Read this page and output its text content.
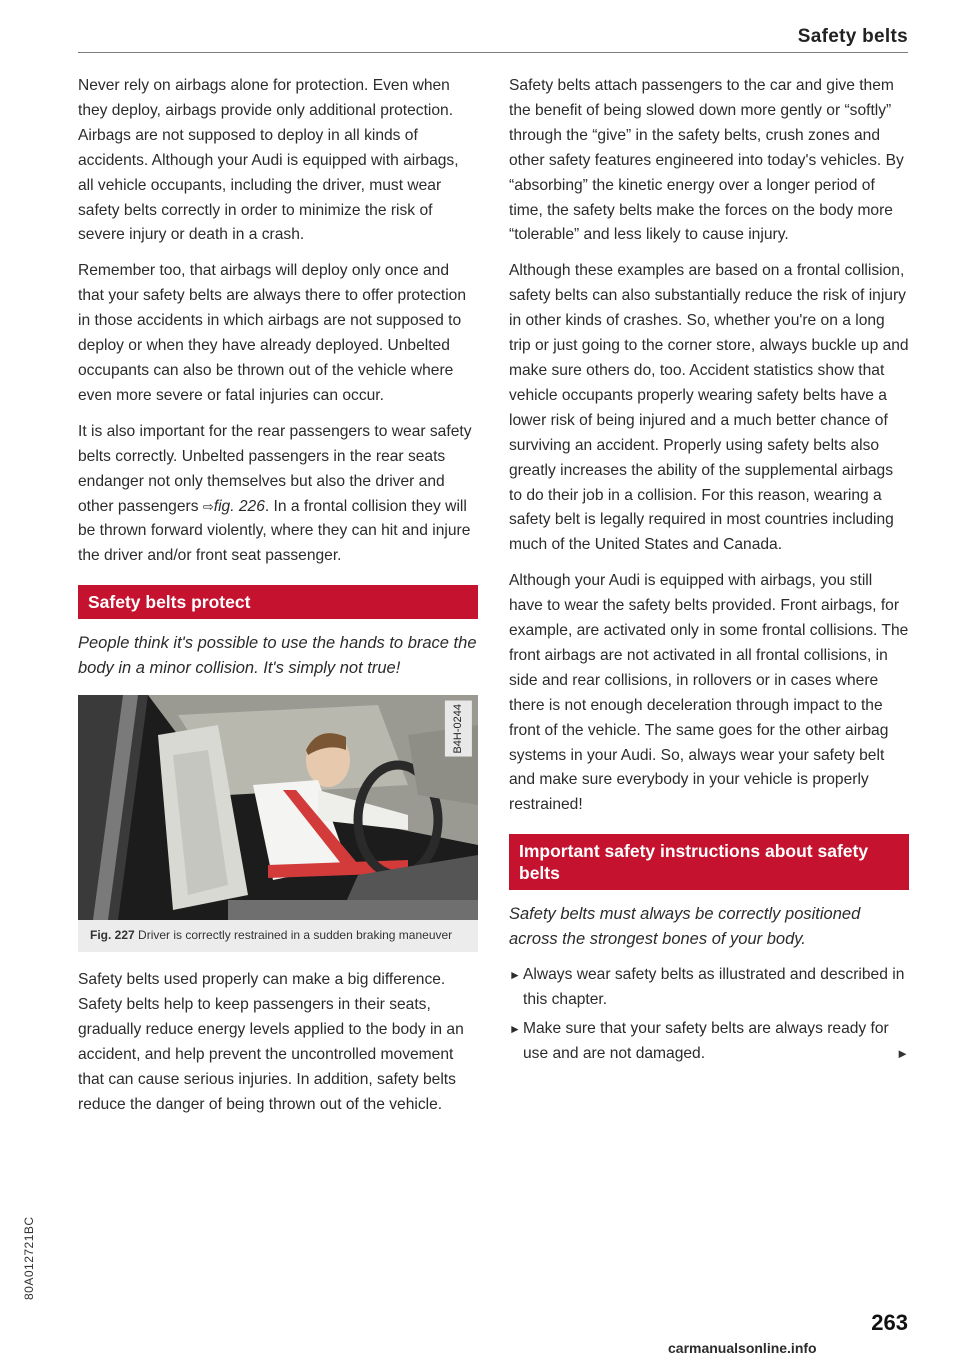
Safety belts

Never rely on airbags alone for protection. Even when they deploy, airbags provide only additional protection. Airbags are not supposed to deploy in all kinds of accidents. Although your Audi is equipped with airbags, all vehicle occupants, including the driver, must wear safety belts correctly in order to minimize the risk of severe injury or death in a crash.

Remember too, that airbags will deploy only once and that your safety belts are always there to offer protection in those accidents in which airbags are not supposed to deploy or when they have already deployed. Unbelted occupants can also be thrown out of the vehicle where even more severe or fatal injuries can occur.

It is also important for the rear passengers to wear safety belts correctly. Unbelted passengers in the rear seats endanger not only themselves but also the driver and other passengers ⇨fig. 226. In a frontal collision they will be thrown forward violently, where they can hit and injure the driver and/or front seat passenger.

Safety belts protect

People think it's possible to use the hands to brace the body in a minor collision. It's simply not true!

B4H-0244
Fig. 227 Driver is correctly restrained in a sudden braking maneuver

Safety belts used properly can make a big difference. Safety belts help to keep passengers in their seats, gradually reduce energy levels applied to the body in an accident, and help prevent the uncontrolled movement that can cause serious injuries. In addition, safety belts reduce the danger of being thrown out of the vehicle.

Safety belts attach passengers to the car and give them the benefit of being slowed down more gently or “softly” through the “give” in the safety belts, crush zones and other safety features engineered into today's vehicles. By “absorbing” the kinetic energy over a longer period of time, the safety belts make the forces on the body more “tolerable” and less likely to cause injury.

Although these examples are based on a frontal collision, safety belts can also substantially reduce the risk of injury in other kinds of crashes. So, whether you're on a long trip or just going to the corner store, always buckle up and make sure others do, too. Accident statistics show that vehicle occupants properly wearing safety belts have a lower risk of being injured and a much better chance of surviving an accident. Properly using safety belts also greatly increases the ability of the supplemental airbags to do their job in a collision. For this reason, wearing a safety belt is legally required in most countries including much of the United States and Canada.

Although your Audi is equipped with airbags, you still have to wear the safety belts provided. Front airbags, for example, are activated only in some frontal collisions. The front airbags are not activated in all frontal collisions, in side and rear collisions, in rollovers or in cases where there is not enough deceleration through impact to the front of the vehicle. The same goes for the other airbag systems in your Audi. So, always wear your safety belt and make sure everybody in your vehicle is properly restrained!

Important safety instructions about safety belts

Safety belts must always be correctly positioned across the strongest bones of your body.

► Always wear safety belts as illustrated and described in this chapter.
► Make sure that your safety belts are always ready for use and are not damaged.	►
263
80A012721BC
carmanualsonline.info
